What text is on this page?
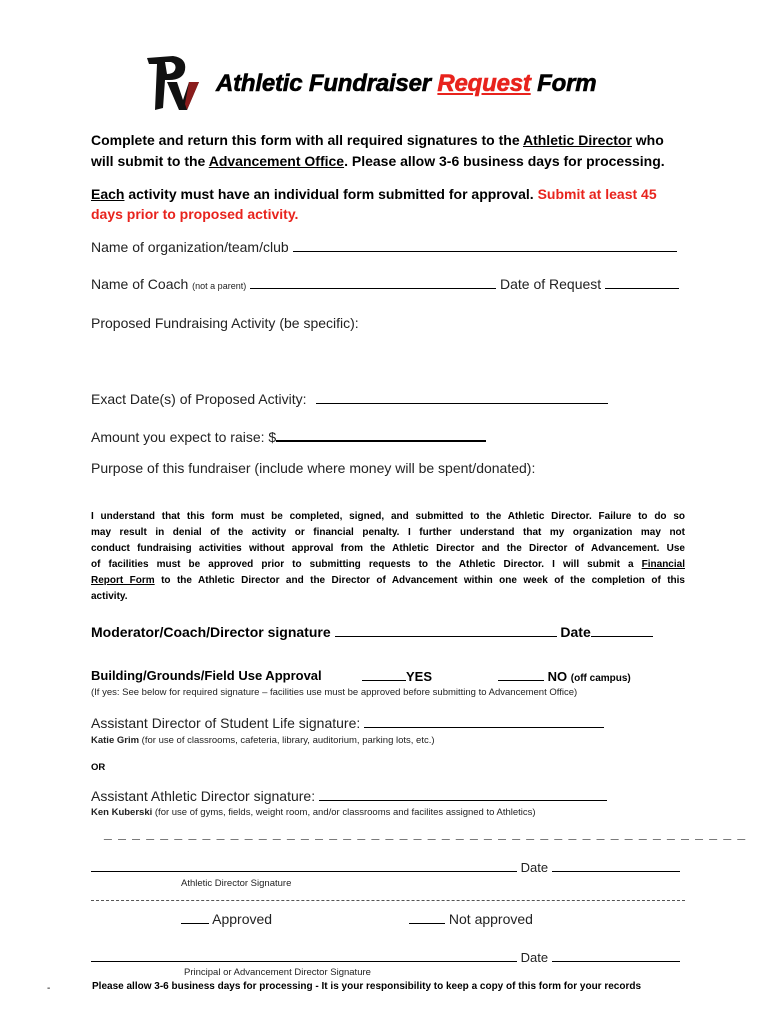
Athletic Fundraiser Request Form
Complete and return this form with all required signatures to the Athletic Director who
will submit to the Advancement Office. Please allow 3-6 business days for processing.
Each activity must have an individual form submitted for approval. Submit at least 45
days prior to proposed activity.
Name of organization/team/club
Name of Coach (not a parent)	Date of Request
Proposed Fundraising Activity (be specific):
Exact Date(s) of Proposed Activity:
Amount you expect to raise: $
Purpose of this fundraiser (include where money will be spent/donated):
I understand that this form must be completed, signed, and submitted to the Athletic Director. Failure to do so
may result in denial of the activity or financial penalty. I further understand that my organization may not
conduct fundraising activities without approval from the Athletic Director and the Director of Advancement. Use
of facilities must be approved prior to submitting requests to the Athletic Director. I will submit a Financial
Report Form to the Athletic Director and the Director of Advancement within one week of the completion of this
activity.
Moderator/Coach/Director signature	Date
Building/Grounds/Field Use Approval	YES	NO (off campus)
(If yes: See below for required signature – facilities use must be approved before submitting to Advancement Office)
Assistant Director of Student Life signature:
Katie Grim (for use of classrooms, cafeteria, library, auditorium, parking lots, etc.)
OR
Assistant Athletic Director signature:
Ken Kuberski (for use of gyms, fields, weight room, and/or classrooms and facilites assigned to Athletics)
_ _ _ _ _ _ _ _ _ _ _ _ _ _ _ _ _ _ _ _ _ _ _ _ _ _ _ _ _ _ _ _ _ _ _ _ _ _ _ _ _ _ _ _ _ _
Date
Athletic Director Signature
Approved	Not approved
Date
Principal or Advancement Director Signature
-	Please allow 3-6 business days for processing - It is your responsibility to keep a copy of this form for your records
